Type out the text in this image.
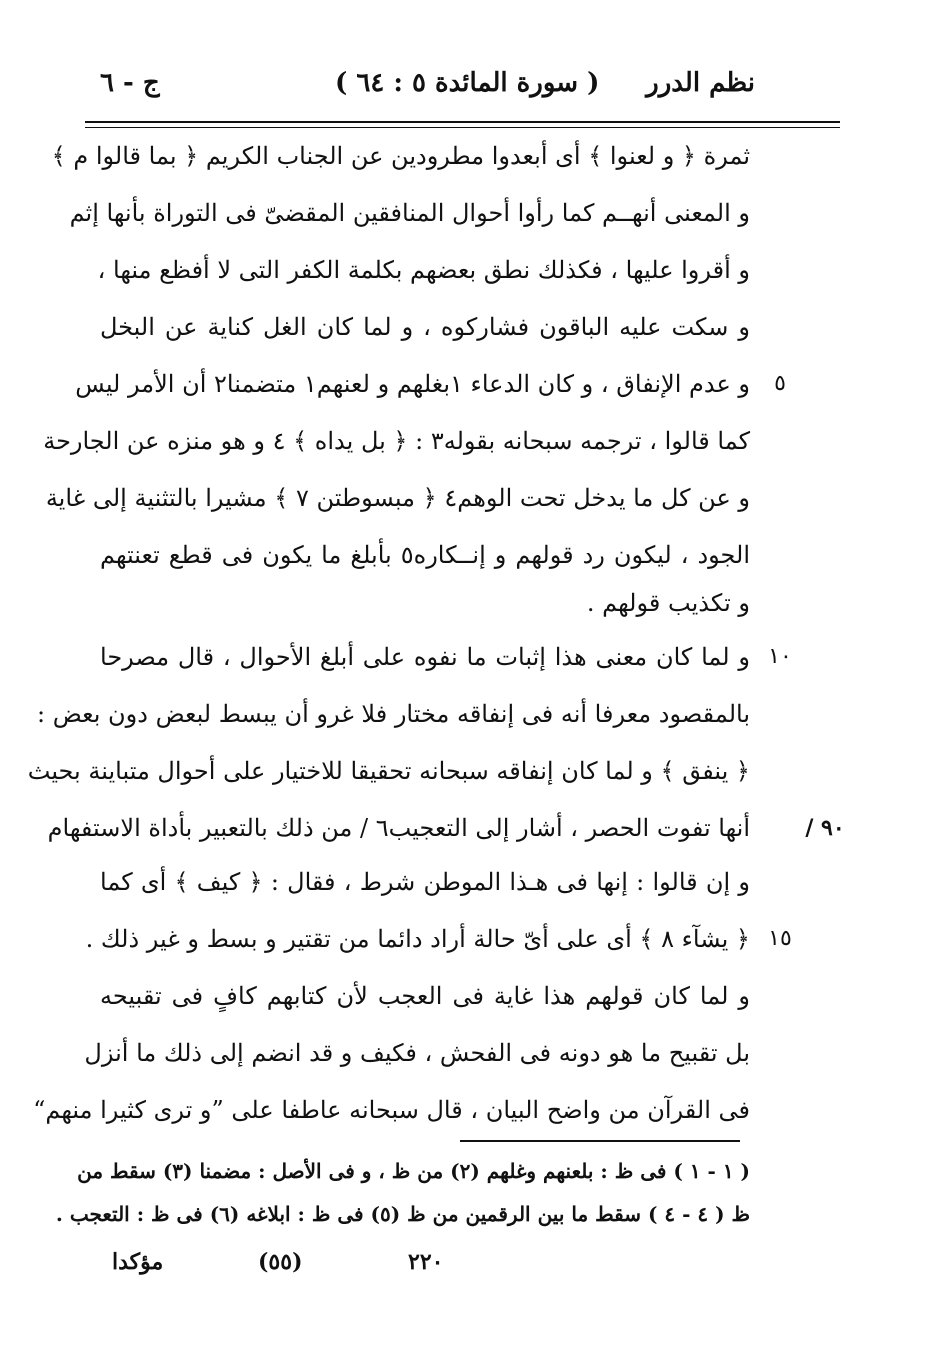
نظم الدرر
( سورة المائدة ٥ : ٦٤ )
ج - ٦
ثمرة ﴿ و لعنوا ﴾ أى أبعدوا مطرودين عن الجناب الكريم ﴿ بما قالوا م ﴾
و المعنى أنهــم كما رأوا أحوال المنافقين المقضىّ فى التوراة بأنها إثم
و أقروا عليها ، فكذلك نطق بعضهم بكلمة الكفر التى لا أفظع منها ،
و سكت عليه الباقون فشاركوه ، و لما كان الغل كناية عن البخل
و عدم الإنفاق ، و كان الدعاء ١بغلهم و لعنهم١ متضمنا٢ أن الأمر ليس
كما قالوا ، ترجمه سبحانه بقوله٣ : ﴿ بل يداه ﴾ ٤ و هو منزه عن الجارحة
و عن كل ما يدخل تحت الوهم٤ ﴿ مبسوطتن ٧ ﴾ مشيرا بالتثنية إلى غاية
الجود ، ليكون رد قولهم و إنــكاره٥ بأبلغ ما يكون فى قطع تعنتهم
و تكذيب قولهم .
و لما كان معنى هذا إثبات ما نفوه على أبلغ الأحوال ، قال مصرحا
بالمقصود معرفا أنه فى إنفاقه مختار فلا غرو أن يبسط لبعض دون بعض :
﴿ ينفق ﴾ و لما كان إنفاقه سبحانه تحقيقا للاختيار على أحوال متباينة بحيث
أنها تفوت الحصر ، أشار إلى التعجيب٦ / من ذلك بالتعبير بأداة الاستفهام
و إن قالوا : إنها فى هـذا الموطن شرط ، فقال : ﴿ كيف ﴾ أى كما
﴿ يشآء ٨ ﴾ أى على أىّ حالة أراد دائما من تقتير و بسط و غير ذلك .
و لما كان قولهم هذا غاية فى العجب لأن كتابهم كافٍ فى تقبيحه
بل تقبيح ما هو دونه فى الفحش ، فكيف و قد انضم إلى ذلك ما أنزل
فى القرآن من واضح البيان ، قال سبحانه عاطفا على ”و ترى كثيرا منهم“
٥
١٠
٩٠ /
١٥
( ١ - ١ ) فى ظ : بلعنهم وغلهم (٢) من ظ ، و فى الأصل : مضمنا (٣) سقط من
ظ ( ٤ - ٤ ) سقط ما بين الرقمين من ظ (٥) فى ظ : ابلاغه (٦) فى ظ : التعجب .
مؤكدا	(٥٥)	٢٢٠
